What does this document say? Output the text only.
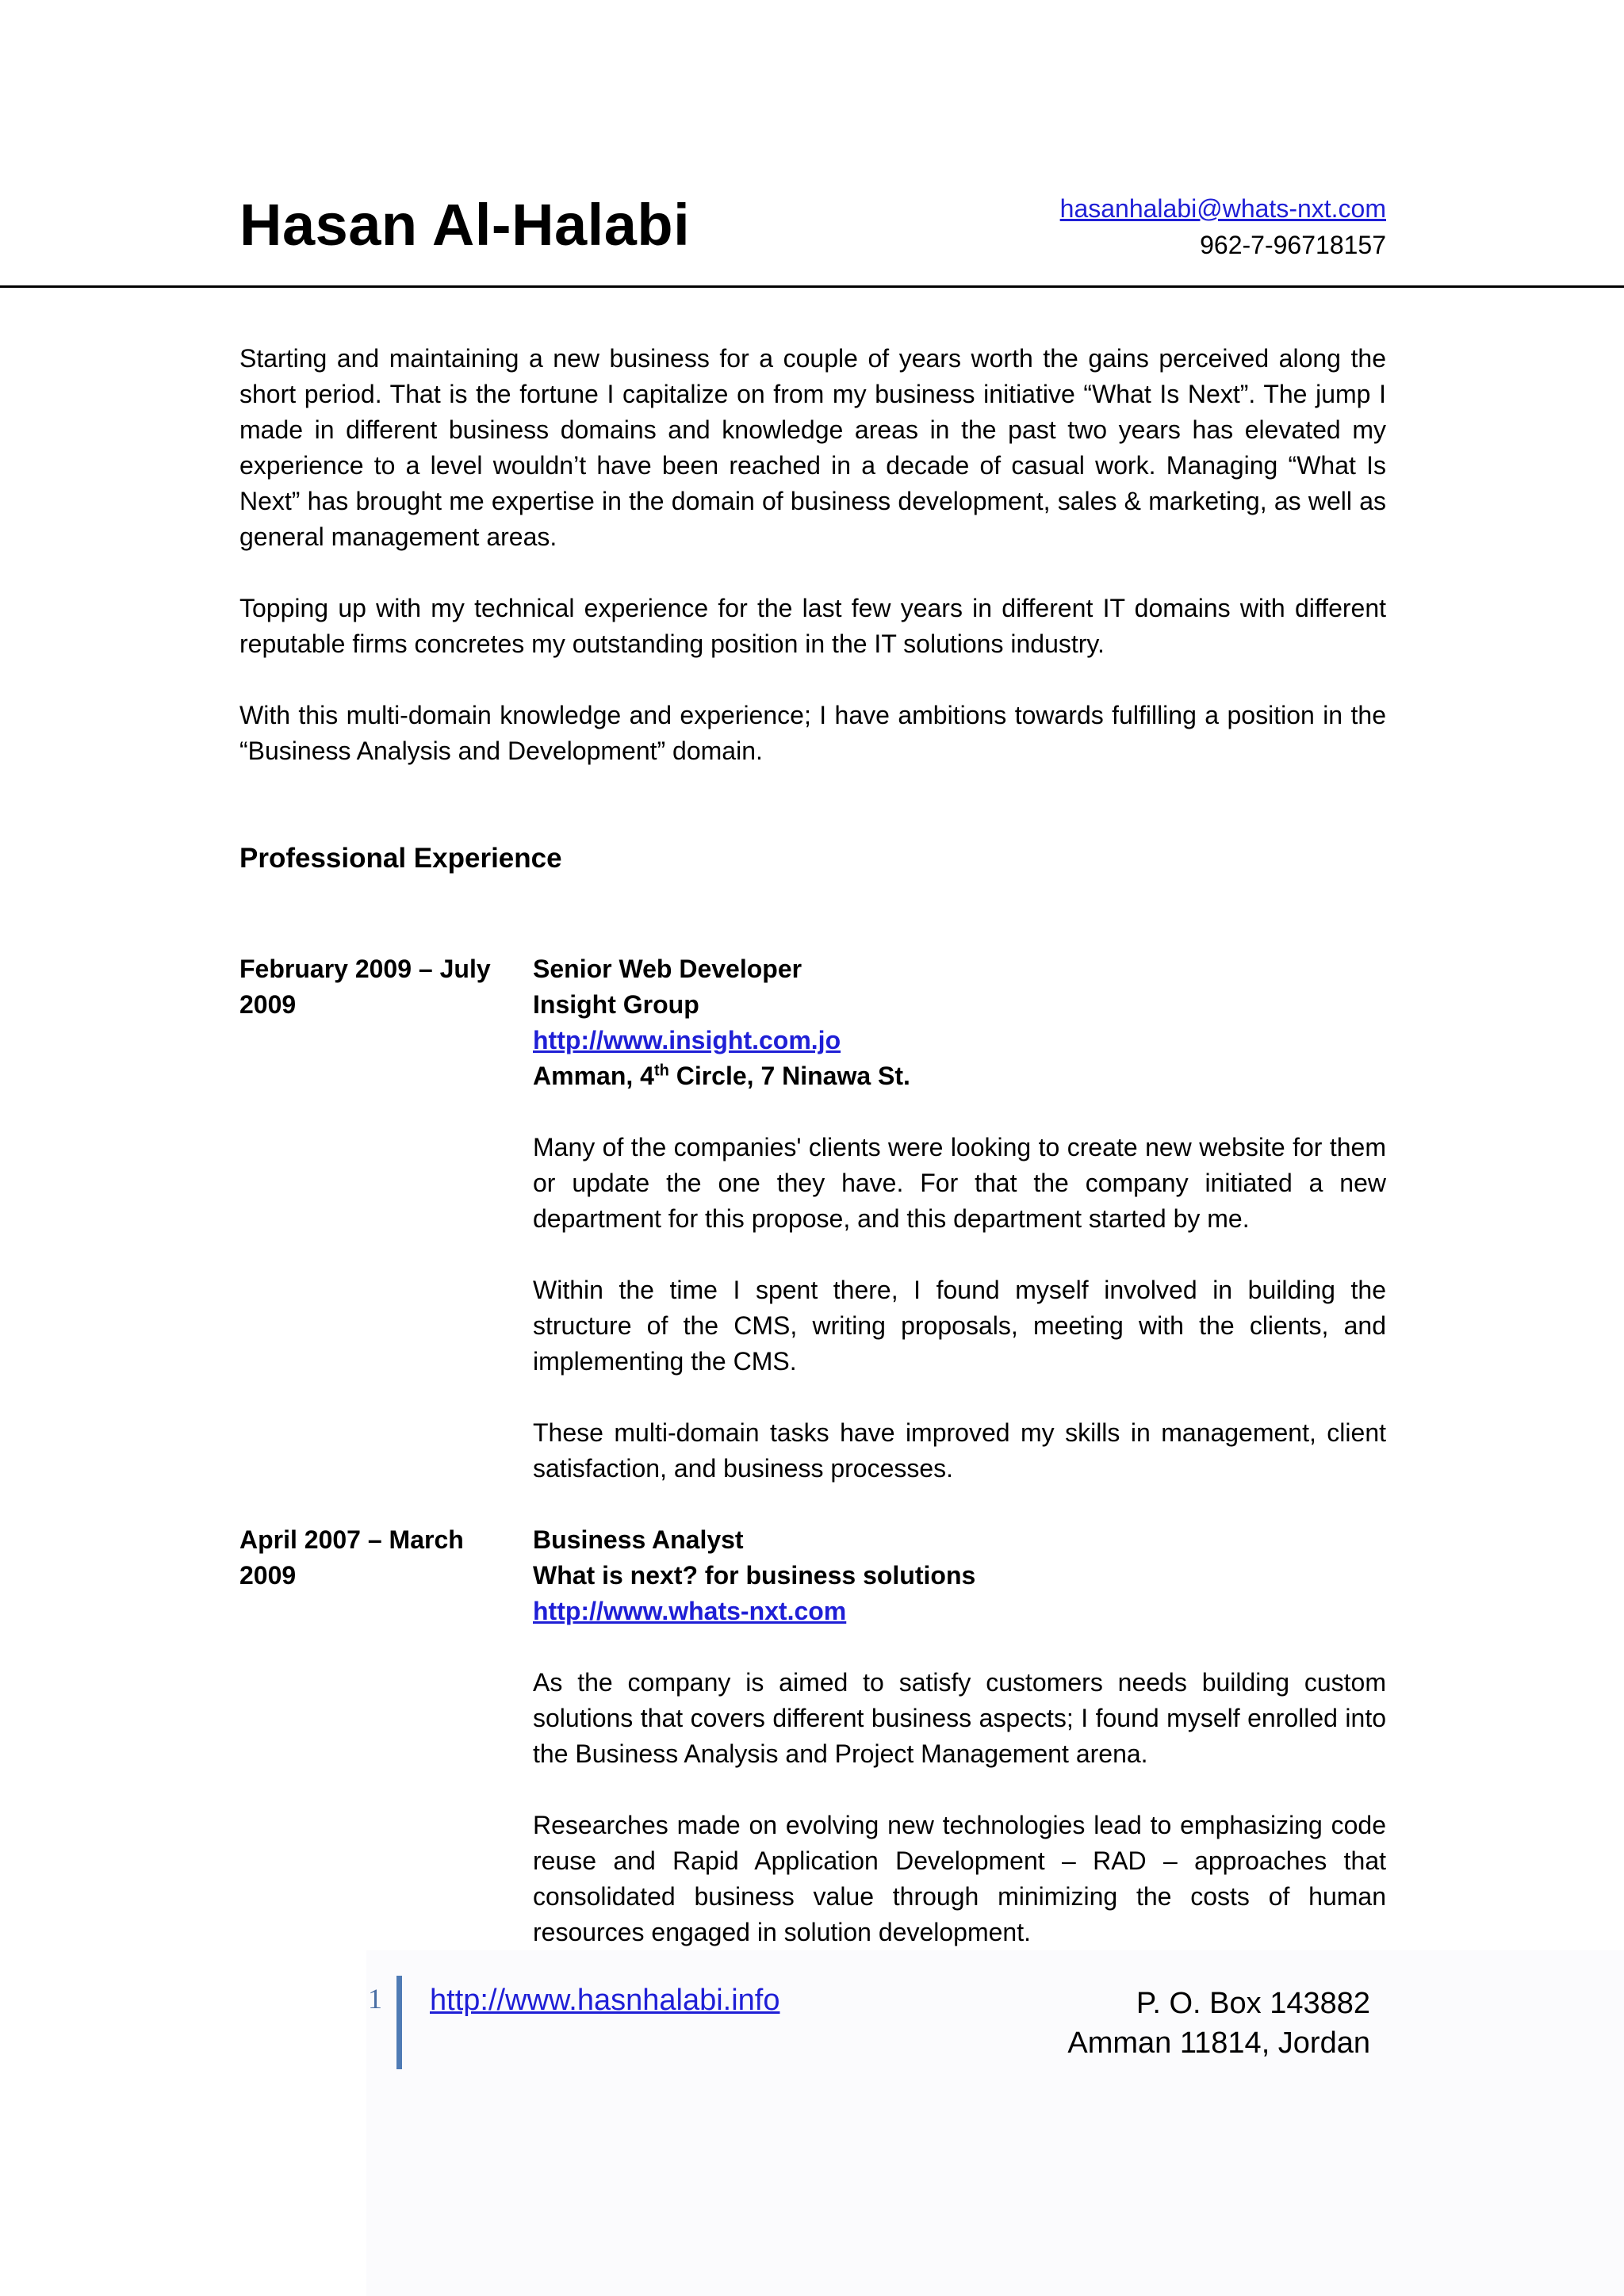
Hasan Al-Halabi	hasanhalabi@whats-nxt.com
962-7-96718157

Starting and maintaining a new business for a couple of years worth the gains perceived along the short period. That is the fortune I capitalize on from my business initiative “What Is Next”. The jump I made in different business domains and knowledge areas in the past two years has elevated my experience to a level wouldn’t have been reached in a decade of casual work. Managing “What Is Next” has brought me expertise in the domain of business development, sales & marketing, as well as general management areas.

Topping up with my technical experience for the last few years in different IT domains with different reputable firms concretes my outstanding position in the IT solutions industry.

With this multi-domain knowledge and experience; I have ambitions towards fulfilling a position in the “Business Analysis and Development” domain.

Professional Experience
February 2009 – July 2009
Senior Web Developer
Insight Group
http://www.insight.com.jo
Amman, 4th Circle, 7 Ninawa St.

Many of the companies' clients were looking to create new website for them or update the one they have. For that the company initiated a new department for this propose, and this department started by me.

Within the time I spent there, I found myself involved in building the structure of the CMS, writing proposals, meeting with the clients, and implementing the CMS.

These multi-domain tasks have improved my skills in management, client satisfaction, and business processes.

April 2007 – March 2009
Business Analyst
What is next? for business solutions
http://www.whats-nxt.com

As the company is aimed to satisfy customers needs building custom solutions that covers different business aspects; I found myself enrolled into the Business Analysis and Project Management arena.

Researches made on evolving new technologies lead to emphasizing code reuse and Rapid Application Development – RAD – approaches that consolidated business value through minimizing the costs of human resources engaged in solution development.

1 http://www.hasnhalabi.info	P. O. Box 143882
Amman 11814, Jordan
